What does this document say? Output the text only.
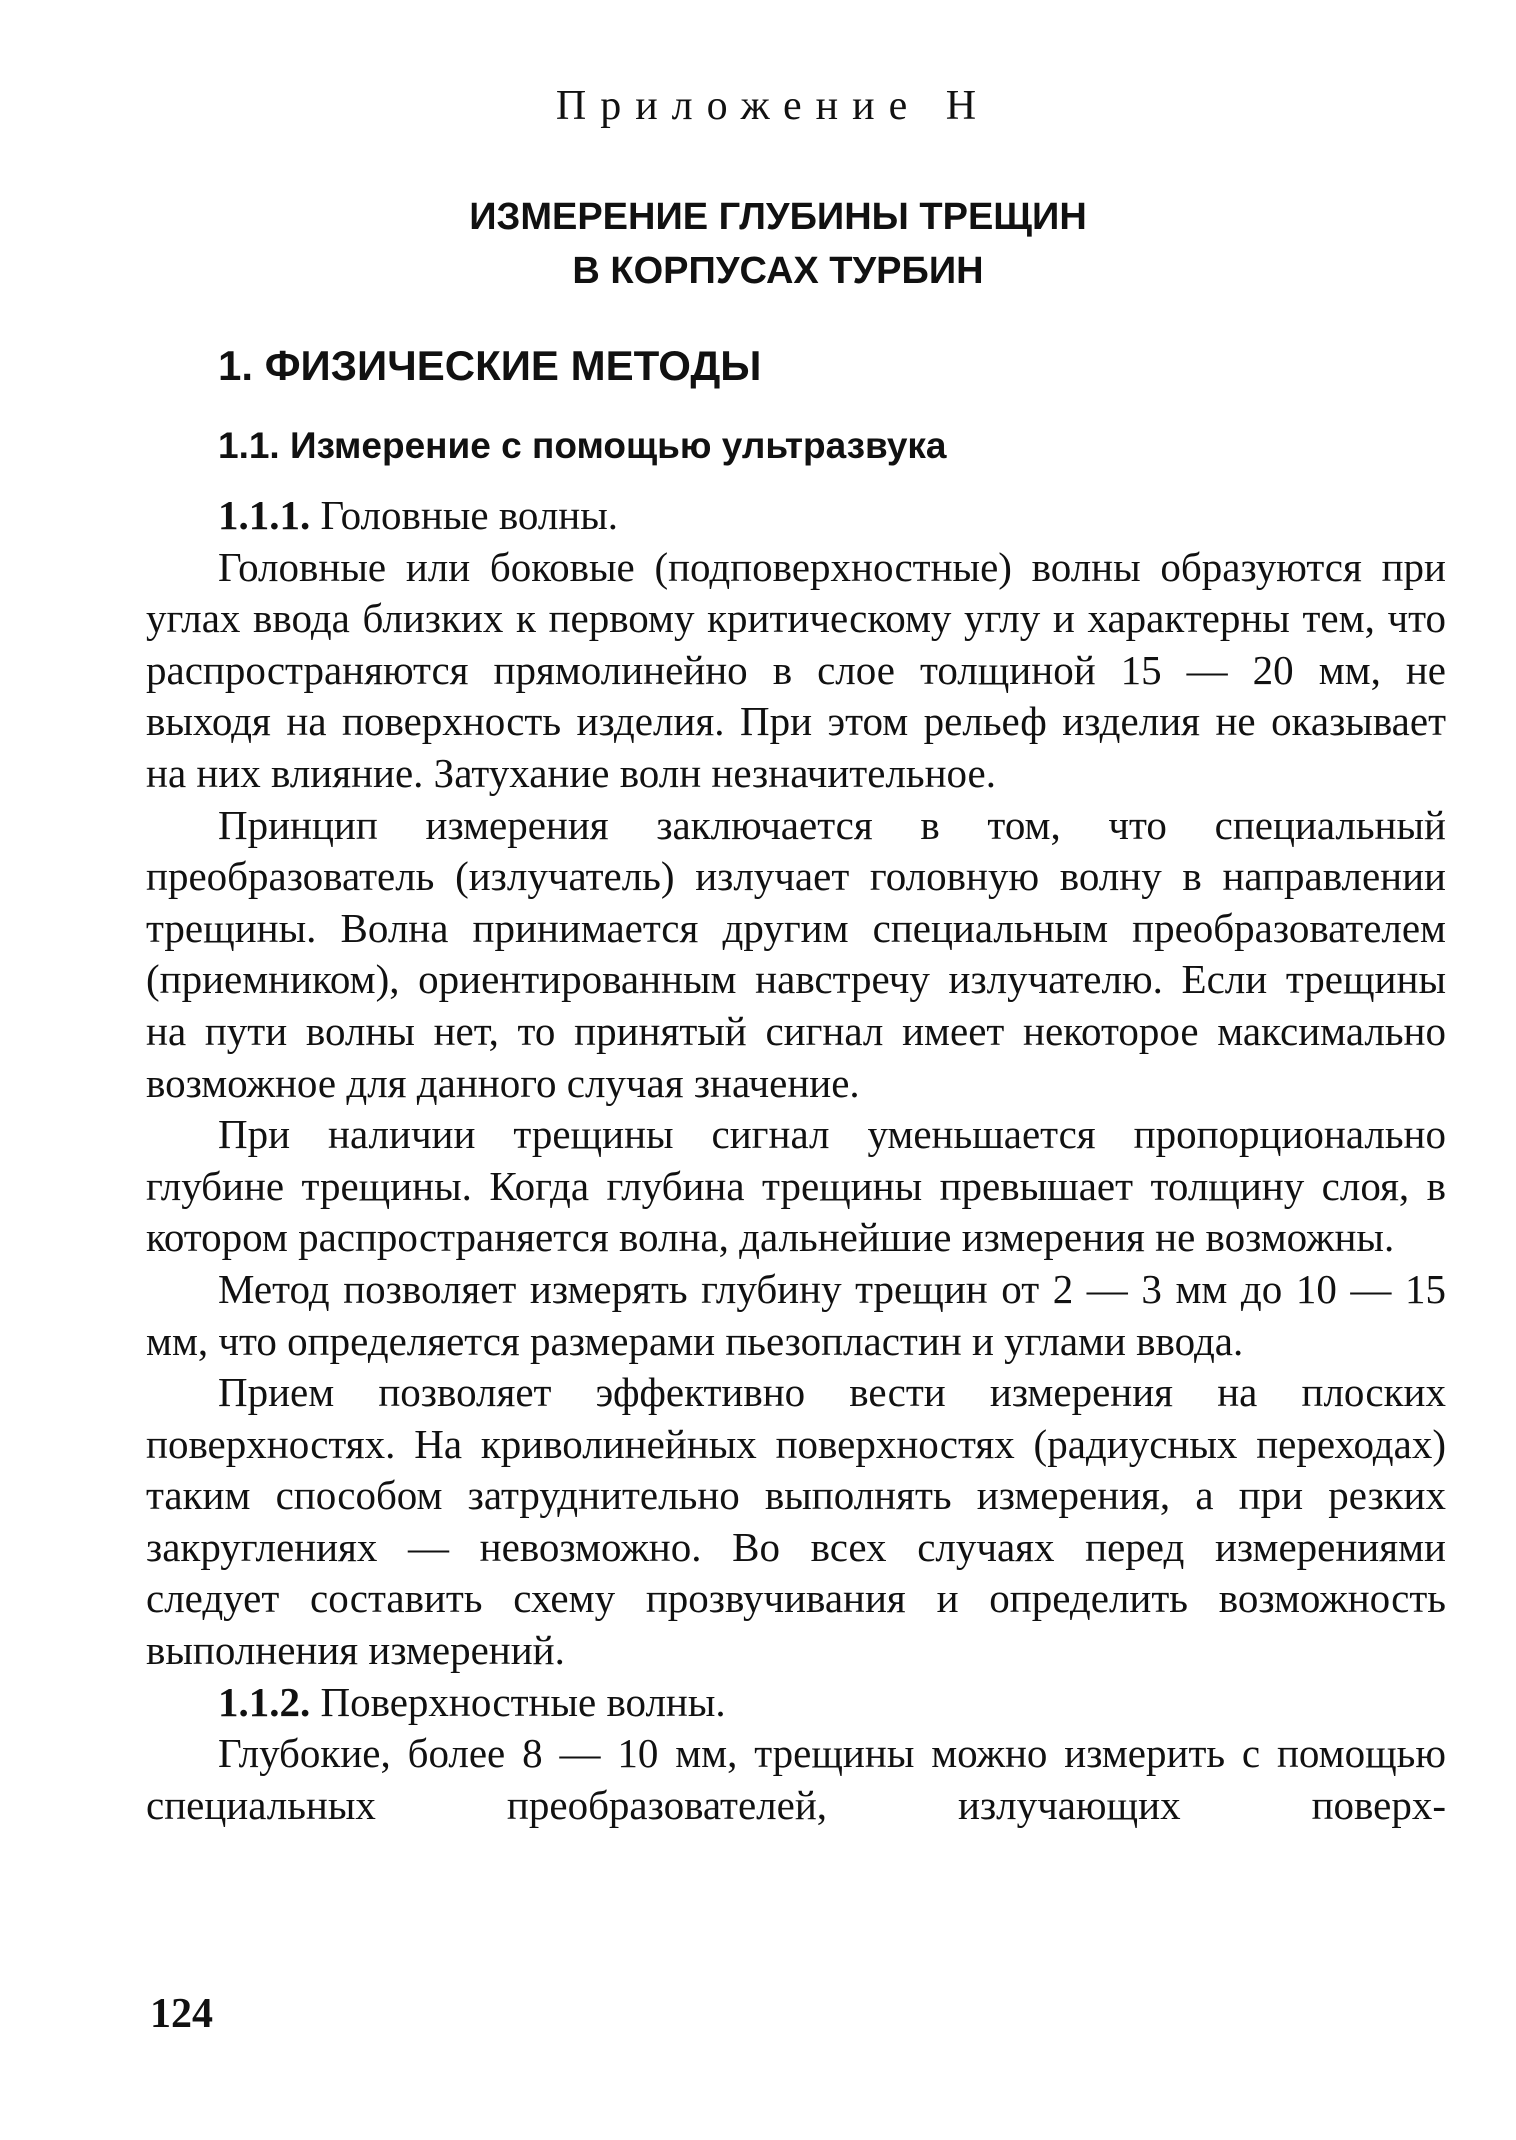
Приложение Н
ИЗМЕРЕНИЕ ГЛУБИНЫ ТРЕЩИН
В КОРПУСАХ ТУРБИН
1. ФИЗИЧЕСКИЕ МЕТОДЫ
1.1. Измерение с помощью ультразвука
1.1.1. Головные волны.

Головные или боковые (подповерхностные) волны образуются при углах ввода близких к первому критическому углу и характерны тем, что распространяются прямолинейно в слое толщиной 15 — 20 мм, не выходя на поверхность изделия. При этом рельеф изделия не оказывает на них влияние. Затухание волн незначительное.

Принцип измерения заключается в том, что специальный преобразователь (излучатель) излучает головную волну в направлении трещины. Волна принимается другим специальным преобразователем (приемником), ориентированным навстречу излучателю. Если трещины на пути волны нет, то принятый сигнал имеет некоторое максимально возможное для данного случая значение.

При наличии трещины сигнал уменьшается пропорционально глубине трещины. Когда глубина трещины превышает толщину слоя, в котором распространяется волна, дальнейшие измерения не возможны.

Метод позволяет измерять глубину трещин от 2 — 3 мм до 10 — 15 мм, что определяется размерами пьезопластин и углами ввода.

Прием позволяет эффективно вести измерения на плоских поверхностях. На криволинейных поверхностях (радиусных переходах) таким способом затруднительно выполнять измерения, а при резких закруглениях — невозможно. Во всех случаях перед измерениями следует составить схему прозвучивания и определить возможность выполнения измерений.

1.1.2. Поверхностные волны.

Глубокие, более 8 — 10 мм, трещины можно измерить с помощью специальных преобразователей, излучающих поверх-

124
